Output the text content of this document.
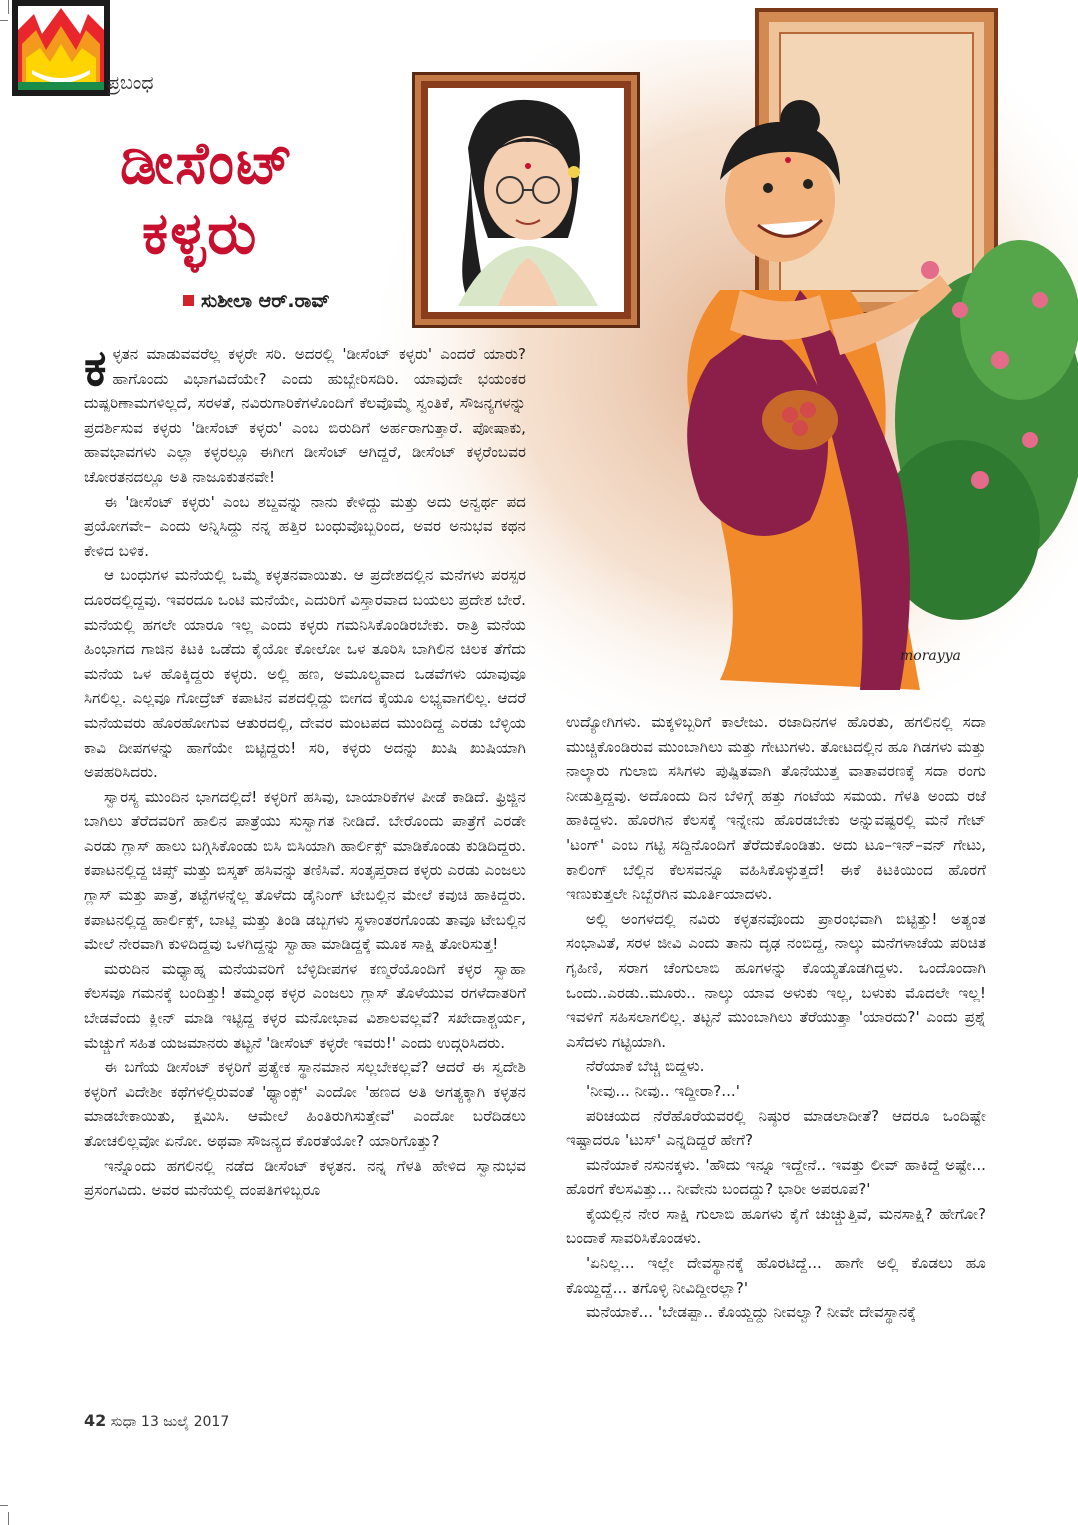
ಪ್ರಬಂಧ
morayya
ಡೀಸೆಂಟ್
ಕಳ್ಳರು
ಸುಶೀಲಾ ಆರ್.ರಾವ್

ಕಳ್ಳತನ ಮಾಡುವವರೆಲ್ಲ ಕಳ್ಳರೇ ಸರಿ. ಅದರಲ್ಲಿ 'ಡೀಸೆಂಟ್ ಕಳ್ಳರು' ಎಂದರೆ ಯಾರು? ಹಾಗೊಂದು ವಿಭಾಗವಿದೆಯೇ? ಎಂದು ಹುಬ್ಬೇರಿಸದಿರಿ. ಯಾವುದೇ ಭಯಂಕರ ದುಷ್ಪರಿಣಾಮಗಳಿಲ್ಲದೆ, ಸರಳತೆ, ನವಿರುಗಾರಿಕೆಗಳೊಂದಿಗೆ ಕೆಲವೊಮ್ಮೆ ಸ್ವಂತಿಕೆ, ಸೌಜನ್ಯಗಳನ್ನು ಪ್ರದರ್ಶಿಸುವ ಕಳ್ಳರು 'ಡೀಸೆಂಟ್ ಕಳ್ಳರು' ಎಂಬ ಬಿರುದಿಗೆ ಅರ್ಹರಾಗುತ್ತಾರೆ. ಪೋಷಾಕು, ಹಾವಭಾವಗಳು ಎಲ್ಲಾ ಕಳ್ಳರಲ್ಲೂ ಈಗೀಗ ಡೀಸೆಂಟ್ ಆಗಿದ್ದರೆ, ಡೀಸೆಂಟ್ ಕಳ್ಳರೆಂಬವರ ಚೋರತನದಲ್ಲೂ ಅತಿ ನಾಜೂಕುತನವೇ!

ಈ 'ಡೀಸೆಂಟ್ ಕಳ್ಳರು' ಎಂಬ ಶಬ್ದವನ್ನು ನಾನು ಕೇಳಿದ್ದು ಮತ್ತು ಅದು ಅನ್ವರ್ಥ ಪದ ಪ್ರಯೋಗವೇ– ಎಂದು ಅನ್ನಿಸಿದ್ದು ನನ್ನ ಹತ್ತಿರ ಬಂಧುವೊಬ್ಬರಿಂದ, ಅವರ ಅನುಭವ ಕಥನ ಕೇಳಿದ ಬಳಿಕ.

ಆ ಬಂಧುಗಳ ಮನೆಯಲ್ಲಿ ಒಮ್ಮೆ ಕಳ್ಳತನವಾಯಿತು. ಆ ಪ್ರದೇಶದಲ್ಲಿನ ಮನೆಗಳು ಪರಸ್ಪರ ದೂರದಲ್ಲಿದ್ದವು. ಇವರದೂ ಒಂಟಿ ಮನೆಯೇ, ಎದುರಿಗೆ ವಿಸ್ತಾರವಾದ ಬಯಲು ಪ್ರದೇಶ ಬೇರೆ. ಮನೆಯಲ್ಲಿ ಹಗಲೇ ಯಾರೂ ಇಲ್ಲ ಎಂದು ಕಳ್ಳರು ಗಮನಿಸಿಕೊಂಡಿರಬೇಕು. ರಾತ್ರಿ ಮನೆಯ ಹಿಂಭಾಗದ ಗಾಜಿನ ಕಿಟಕಿ ಒಡೆದು ಕೈಯೋ ಕೋಲೋ ಒಳ ತೂರಿಸಿ ಬಾಗಿಲಿನ ಚಿಲಕ ತೆಗೆದು ಮನೆಯ ಒಳ ಹೊಕ್ಕಿದ್ದರು ಕಳ್ಳರು. ಅಲ್ಲಿ ಹಣ, ಅಮೂಲ್ಯವಾದ ಒಡವೆಗಳು ಯಾವುವೂ ಸಿಗಲಿಲ್ಲ. ಎಲ್ಲವೂ ಗೋದ್ರೆಜ್ ಕಪಾಟಿನ ವಶದಲ್ಲಿದ್ದು ಬೀಗದ ಕೈಯೂ ಲಭ್ಯವಾಗಲಿಲ್ಲ. ಆದರೆ ಮನೆಯವರು ಹೊರಹೋಗುವ ಆತುರದಲ್ಲಿ, ದೇವರ ಮಂಟಪದ ಮುಂದಿದ್ದ ಎರಡು ಬೆಳ್ಳಿಯ ಕಾವಿ ದೀಪಗಳನ್ನು ಹಾಗೆಯೇ ಬಿಟ್ಟಿದ್ದರು! ಸರಿ, ಕಳ್ಳರು ಅದನ್ನು ಖುಷಿ ಖುಷಿಯಾಗಿ ಅಪಹರಿಸಿದರು.

ಸ್ವಾರಸ್ಯ ಮುಂದಿನ ಭಾಗದಲ್ಲಿದೆ! ಕಳ್ಳರಿಗೆ ಹಸಿವು, ಬಾಯಾರಿಕೆಗಳ ಪೀಡೆ ಕಾಡಿದೆ. ಫ್ರಿಜ್ಜಿನ ಬಾಗಿಲು ತೆರೆದವರಿಗೆ ಹಾಲಿನ ಪಾತ್ರೆಯು ಸುಸ್ವಾಗತ ನೀಡಿದೆ. ಬೇರೊಂದು ಪಾತ್ರೆಗೆ ಎರಡೇ ಎರಡು ಗ್ಲಾಸ್ ಹಾಲು ಬಗ್ಗಿಸಿಕೊಂಡು ಬಿಸಿ ಬಿಸಿಯಾಗಿ ಹಾರ್ಲಿಕ್ಸ್ ಮಾಡಿಕೊಂಡು ಕುಡಿದಿದ್ದರು. ಕಪಾಟನಲ್ಲಿದ್ದ ಚಿಪ್ಸ್ ಮತ್ತು ಬಿಸ್ಕತ್ ಹಸಿವನ್ನು ತಣಿಸಿವೆ. ಸಂತೃಪ್ತರಾದ ಕಳ್ಳರು ಎರಡು ಎಂಜಲು ಗ್ಲಾಸ್ ಮತ್ತು ಪಾತ್ರೆ, ತಟ್ಟೆಗಳನ್ನೆಲ್ಲ ತೊಳೆದು ಡೈನಿಂಗ್ ಟೇಬಲ್ಲಿನ ಮೇಲೆ ಕವುಚಿ ಹಾಕಿದ್ದರು. ಕಪಾಟನಲ್ಲಿದ್ದ ಹಾರ್ಲಿಕ್ಸ್, ಬಾಟ್ಲಿ ಮತ್ತು ತಿಂಡಿ ಡಬ್ಬಗಳು ಸ್ಥಳಾಂತರಗೊಂಡು ತಾವೂ ಟೇಬಲ್ಲಿನ ಮೇಲೆ ನೇರವಾಗಿ ಕುಳಿದಿದ್ದವು ಒಳಗಿದ್ದನ್ನು ಸ್ವಾಹಾ ಮಾಡಿದ್ದಕ್ಕೆ ಮೂಕ ಸಾಕ್ಷಿ ತೋರಿಸುತ್ತ!

ಮರುದಿನ ಮಧ್ಯಾಹ್ನ ಮನೆಯವರಿಗೆ ಬೆಳ್ಳಿದೀಪಗಳ ಕಣ್ಮರೆಯೊಂದಿಗೆ ಕಳ್ಳರ ಸ್ವಾಹಾ ಕೆಲಸವೂ ಗಮನಕ್ಕೆ ಬಂದಿತ್ತು! ತಮ್ಮಂಥ ಕಳ್ಳರ ಎಂಜಲು ಗ್ಲಾಸ್ ತೊಳೆಯುವ ರಗಳೆದಾತರಿಗೆ ಬೇಡವೆಂದು ಕ್ಲೀನ್ ಮಾಡಿ ಇಟ್ಟಿದ್ದ ಕಳ್ಳರ ಮನೋಭಾವ ವಿಶಾಲವಲ್ಲವೆ? ಸಖೇದಾಶ್ಚರ್ಯ, ಮೆಚ್ಚುಗೆ ಸಹಿತ ಯಜಮಾನರು ತಟ್ಟನೆ 'ಡೀಸೆಂಟ್ ಕಳ್ಳರೇ ಇವರು!' ಎಂದು ಉದ್ಗರಿಸಿದರು.

ಈ ಬಗೆಯ ಡೀಸೆಂಟ್ ಕಳ್ಳರಿಗೆ ಪ್ರತ್ಯೇಕ ಸ್ಥಾನಮಾನ ಸಲ್ಲಬೇಕಲ್ಲವೆ? ಆದರೆ ಈ ಸ್ವದೇಶಿ ಕಳ್ಳರಿಗೆ ವಿದೇಶೀ ಕಥೆಗಳಲ್ಲಿರುವಂತೆ 'ಥ್ಯಾಂಕ್ಸ್' ಎಂದೋ 'ಹಣದ ಅತಿ ಅಗತ್ಯಕ್ಕಾಗಿ ಕಳ್ಳತನ ಮಾಡಬೇಕಾಯಿತು, ಕ್ಷಮಿಸಿ. ಆಮೇಲೆ ಹಿಂತಿರುಗಿಸುತ್ತೇವೆ' ಎಂದೋ ಬರೆದಿಡಲು ತೋಚಲಿಲ್ಲವೋ ಏನೋ. ಅಥವಾ ಸೌಜನ್ಯದ ಕೊರತೆಯೋ? ಯಾರಿಗೊತ್ತು?

ಇನ್ನೊಂದು ಹಗಲಿನಲ್ಲಿ ನಡೆದ ಡೀಸೆಂಟ್ ಕಳ್ಳತನ. ನನ್ನ ಗೆಳತಿ ಹೇಳಿದ ಸ್ವಾನುಭವ ಪ್ರಸಂಗವಿದು. ಅವರ ಮನೆಯಲ್ಲಿ ದಂಪತಿಗಳಿಬ್ಬರೂ

ಉದ್ಯೋಗಿಗಳು. ಮಕ್ಕಳಿಬ್ಬರಿಗೆ ಕಾಲೇಜು. ರಜಾದಿನಗಳ ಹೊರತು, ಹಗಲಿನಲ್ಲಿ ಸದಾ ಮುಚ್ಚಿಕೊಂಡಿರುವ ಮುಂಬಾಗಿಲು ಮತ್ತು ಗೇಟುಗಳು. ತೋಟದಲ್ಲಿನ ಹೂ ಗಿಡಗಳು ಮತ್ತು ನಾಲ್ಕಾರು ಗುಲಾಬಿ ಸಸಿಗಳು ಪುಷ್ಪಿತವಾಗಿ ತೊನೆಯುತ್ತ ವಾತಾವರಣಕ್ಕೆ ಸದಾ ರಂಗು ನೀಡುತ್ತಿದ್ದವು. ಅದೊಂದು ದಿನ ಬೆಳಿಗ್ಗೆ ಹತ್ತು ಗಂಟೆಯ ಸಮಯ. ಗೆಳತಿ ಅಂದು ರಜೆ ಹಾಕಿದ್ದಳು. ಹೊರಗಿನ ಕೆಲಸಕ್ಕೆ ಇನ್ನೇನು ಹೊರಡಬೇಕು ಅನ್ನುವಷ್ಟರಲ್ಲಿ ಮನೆ ಗೇಟ್ 'ಟಂಗ್' ಎಂಬ ಗಟ್ಟಿ ಸದ್ದಿನೊಂದಿಗೆ ತೆರೆದುಕೊಂಡಿತು. ಅದು ಟೂ–ಇನ್–ವನ್ ಗೇಟು, ಕಾಲಿಂಗ್ ಬೆಲ್ಲಿನ ಕೆಲಸವನ್ನೂ ವಹಿಸಿಕೊಳ್ಳುತ್ತದೆ! ಈಕೆ ಕಿಟಕಿಯಿಂದ ಹೊರಗೆ ಇಣುಕುತ್ತಲೇ ನಿಬ್ಬೆರಗಿನ ಮೂರ್ತಿಯಾದಳು.

ಅಲ್ಲಿ ಅಂಗಳದಲ್ಲಿ ನವಿರು ಕಳ್ಳತನವೊಂದು ಪ್ರಾರಂಭವಾಗಿ ಬಿಟ್ಟಿತ್ತು! ಅತ್ಯಂತ ಸಂಭಾವಿತೆ, ಸರಳ ಜೀವಿ ಎಂದು ತಾನು ದೃಢ ನಂಬಿದ್ದ, ನಾಲ್ಕು ಮನೆಗಳಾಚೆಯ ಪರಿಚಿತ ಗೃಹಿಣಿ, ಸರಾಗ ಚೆಂಗುಲಾಬಿ ಹೂಗಳನ್ನು ಕೊಯ್ಯತೊಡಗಿದ್ದಳು. ಒಂದೊಂದಾಗಿ ಒಂದು..ಎರಡು..ಮೂರು.. ನಾಲ್ಕು ಯಾವ ಅಳುಕು ಇಲ್ಲ, ಬಳುಕು ಮೊದಲೇ ಇಲ್ಲ! ಇವಳಿಗೆ ಸಹಿಸಲಾಗಲಿಲ್ಲ. ತಟ್ಟನೆ ಮುಂಬಾಗಿಲು ತೆರೆಯುತ್ತಾ 'ಯಾರದು?' ಎಂದು ಪ್ರಶ್ನೆ ಎಸೆದಳು ಗಟ್ಟಿಯಾಗಿ.

ನೆರೆಯಾಕೆ ಬೆಚ್ಚಿ ಬಿದ್ದಳು.

'ನೀವು... ನೀವು.. ಇದ್ದೀರಾ?...'

ಪರಿಚಯದ ನೆರೆಹೊರೆಯವರಲ್ಲಿ ನಿಷ್ಠುರ ಮಾಡಲಾದೀತೆ? ಆದರೂ ಒಂದಿಷ್ಟೇ ಇಷ್ಟಾದರೂ 'ಟುಸ್' ಎನ್ನದಿದ್ದರೆ ಹೇಗೆ?

ಮನೆಯಾಕೆ ನಸುನಕ್ಕಳು. 'ಹೌದು ಇನ್ನೂ ಇದ್ದೇನೆ.. ಇವತ್ತು ಲೀವ್ ಹಾಕಿದ್ದೆ ಅಷ್ಟೇ... ಹೊರಗೆ ಕೆಲಸವಿತ್ತು... ನೀವೇನು ಬಂದದ್ದು? ಭಾರೀ ಅಪರೂಪ?'

ಕೈಯಲ್ಲಿನ ನೇರ ಸಾಕ್ಷಿ ಗುಲಾಬಿ ಹೂಗಳು ಕೈಗೆ ಚುಚ್ಚುತ್ತಿವೆ, ಮನಸಾಕ್ಷಿ? ಹೇಗೋ? ಬಂದಾಕೆ ಸಾವರಿಸಿಕೊಂಡಳು.

'ಏನಿಲ್ಲ... ಇಲ್ಲೇ ದೇವಸ್ಥಾನಕ್ಕೆ ಹೊರಟಿದ್ದೆ... ಹಾಗೇ ಅಲ್ಲಿ ಕೊಡಲು ಹೂ ಕೊಯ್ದಿದ್ದೆ... ತಗೊಳ್ಳಿ ನೀವಿದ್ದೀರಲ್ಲಾ?'

ಮನೆಯಾಕೆ... 'ಬೇಡಪ್ಪಾ.. ಕೊಯ್ದದ್ದು ನೀವಲ್ವಾ? ನೀವೇ ದೇವಸ್ಥಾನಕ್ಕೆ

42 ಸುಧಾ 13 ಜುಲೈ 2017
